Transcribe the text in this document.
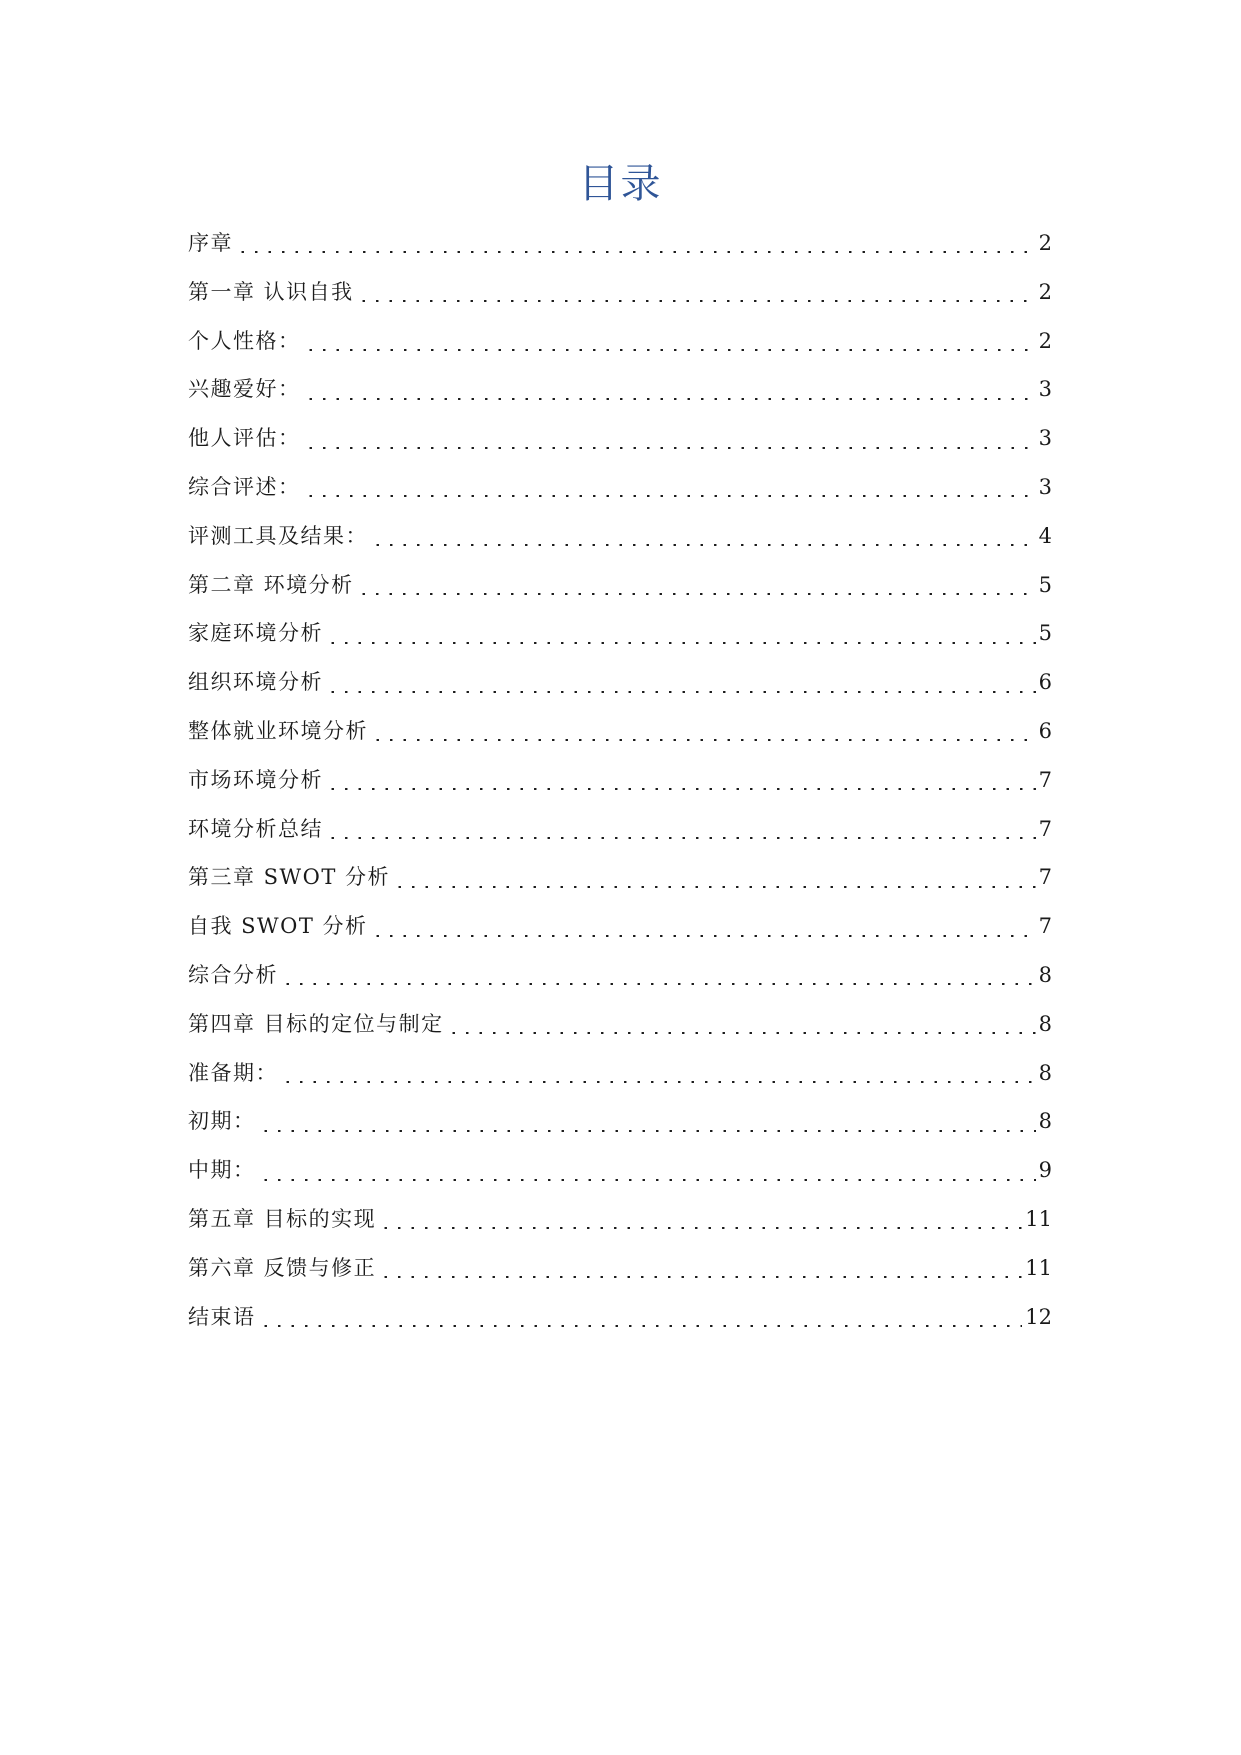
目录
序章	2
第一章 认识自我	2
个人性格：	2
兴趣爱好：	3
他人评估：	3
综合评述：	3
评测工具及结果：	4
第二章 环境分析	5
家庭环境分析	5
组织环境分析	6
整体就业环境分析	6
市场环境分析	7
环境分析总结	7
第三章 SWOT 分析	7
自我 SWOT 分析	7
综合分析	8
第四章 目标的定位与制定	8
准备期：	8
初期：	8
中期：	9
第五章 目标的实现	11
第六章 反馈与修正	11
结束语	12
